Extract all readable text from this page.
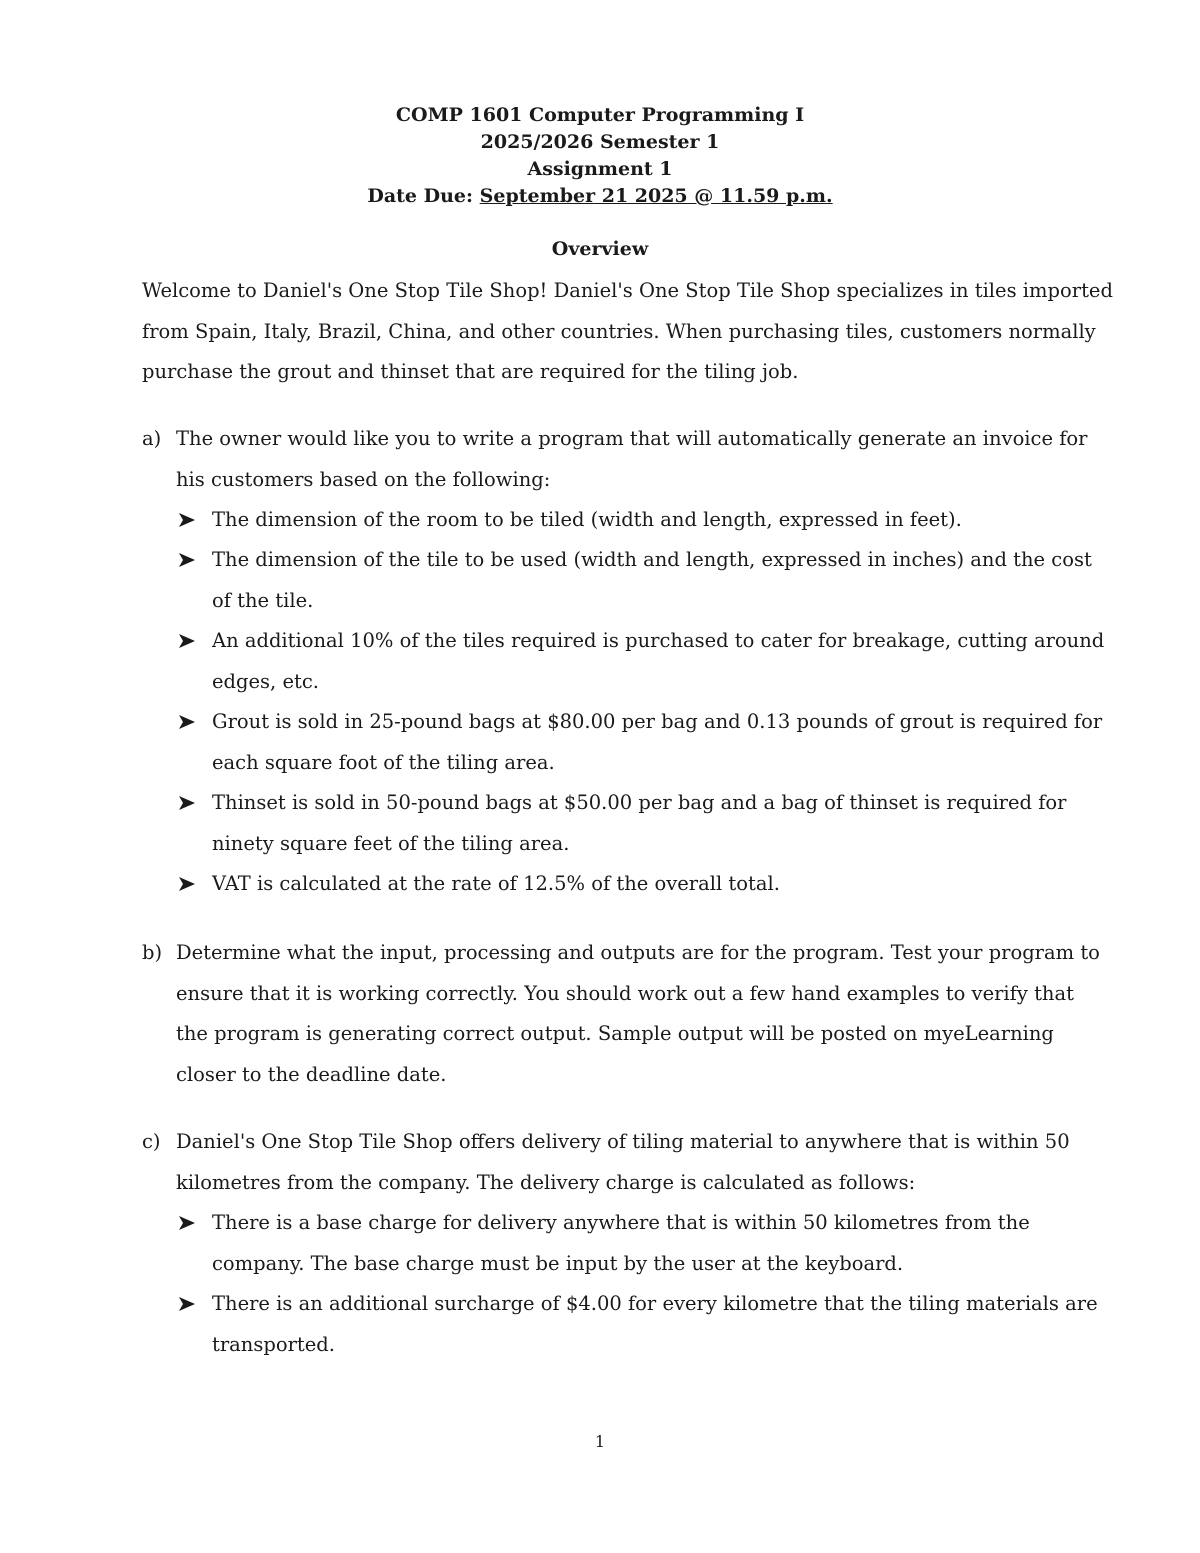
COMP 1601 Computer Programming I
2025/2026 Semester 1
Assignment 1
Date Due: September 21 2025 @ 11.59 p.m.
Overview
Welcome to Daniel's One Stop Tile Shop! Daniel's One Stop Tile Shop specializes in tiles imported
from Spain, Italy, Brazil, China, and other countries. When purchasing tiles, customers normally
purchase the grout and thinset that are required for the tiling job.
a) The owner would like you to write a program that will automatically generate an invoice for
his customers based on the following:
The dimension of the room to be tiled (width and length, expressed in feet).
The dimension of the tile to be used (width and length, expressed in inches) and the cost
of the tile.
An additional 10% of the tiles required is purchased to cater for breakage, cutting around
edges, etc.
Grout is sold in 25-pound bags at $80.00 per bag and 0.13 pounds of grout is required for
each square foot of the tiling area.
Thinset is sold in 50-pound bags at $50.00 per bag and a bag of thinset is required for
ninety square feet of the tiling area.
VAT is calculated at the rate of 12.5% of the overall total.
b) Determine what the input, processing and outputs are for the program. Test your program to
ensure that it is working correctly. You should work out a few hand examples to verify that
the program is generating correct output. Sample output will be posted on myeLearning
closer to the deadline date.
c) Daniel's One Stop Tile Shop offers delivery of tiling material to anywhere that is within 50
kilometres from the company. The delivery charge is calculated as follows:
There is a base charge for delivery anywhere that is within 50 kilometres from the
company. The base charge must be input by the user at the keyboard.
There is an additional surcharge of $4.00 for every kilometre that the tiling materials are
transported.
1
